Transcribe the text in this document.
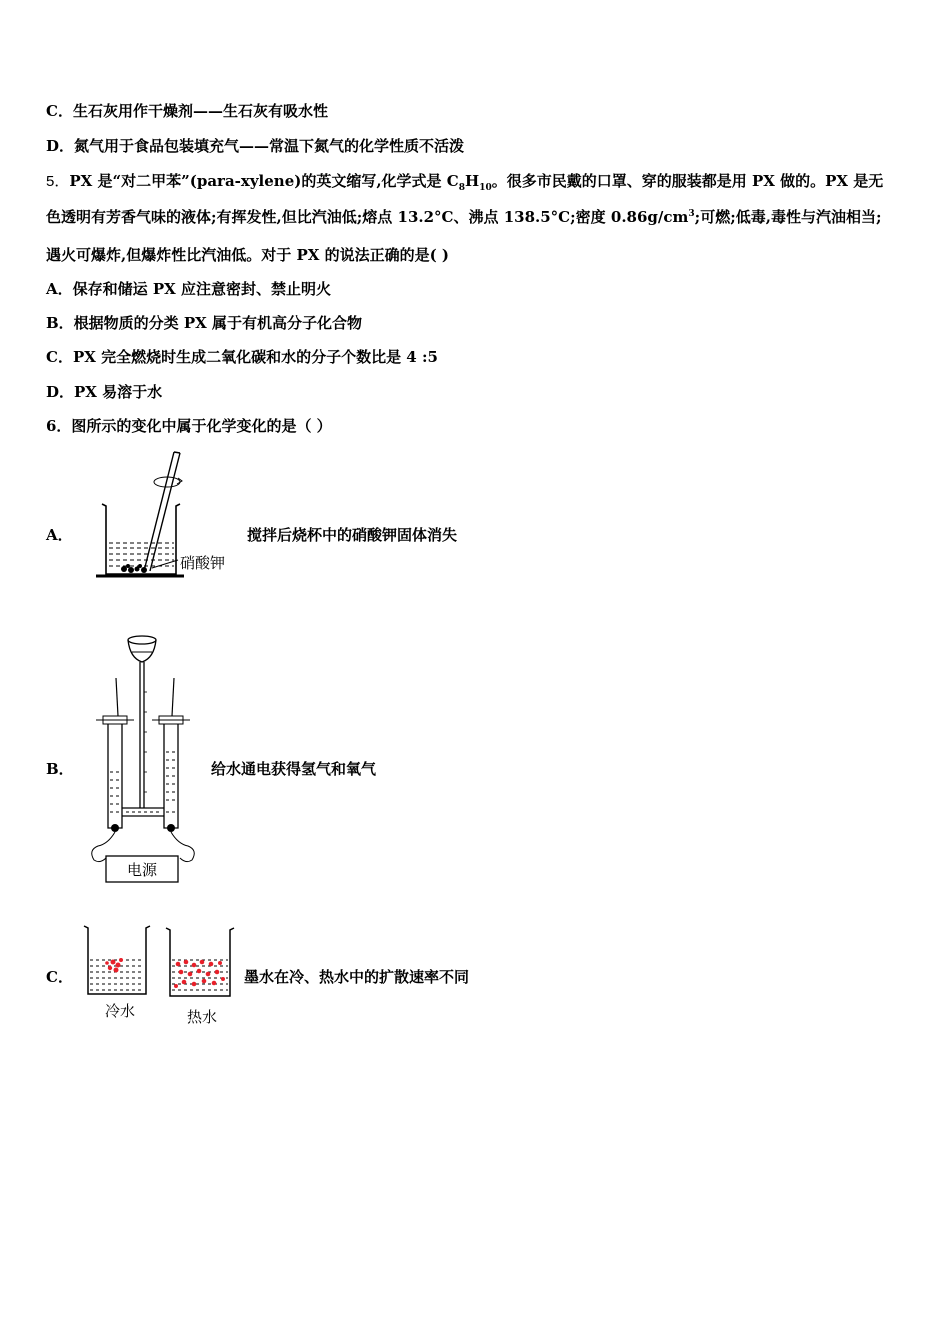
C．生石灰用作干燥剂——生石灰有吸水性
D．氮气用于食品包装填充气——常温下氮气的化学性质不活泼
5．PX 是“对二甲苯”(para-xylene)的英文缩写,化学式是 $C_8H_{10}$。很多市民戴的口罩、穿的服装都是用 PX 做的。PX 是无
色透明有芳香气味的液体;有挥发性,但比汽油低;熔点 13.2°C、沸点 138.5°C;密度 $0.86g/cm^3$;可燃;低毒,毒性与汽油相当;
遇火可爆炸,但爆炸性比汽油低。对于 PX 的说法正确的是( )
A．保存和储运 PX 应注意密封、禁止明火
B．根据物质的分类 PX 属于有机高分子化合物
C．PX 完全燃烧时生成二氧化碳和水的分子个数比是 4 :5
D．PX 易溶于水
6．图所示的变化中属于化学变化的是（ ）
A．
硝酸钾
搅拌后烧杯中的硝酸钾固体消失
B．
电源
给水通电获得氢气和氧气
C．
冷水	热水
墨水在冷、热水中的扩散速率不同
